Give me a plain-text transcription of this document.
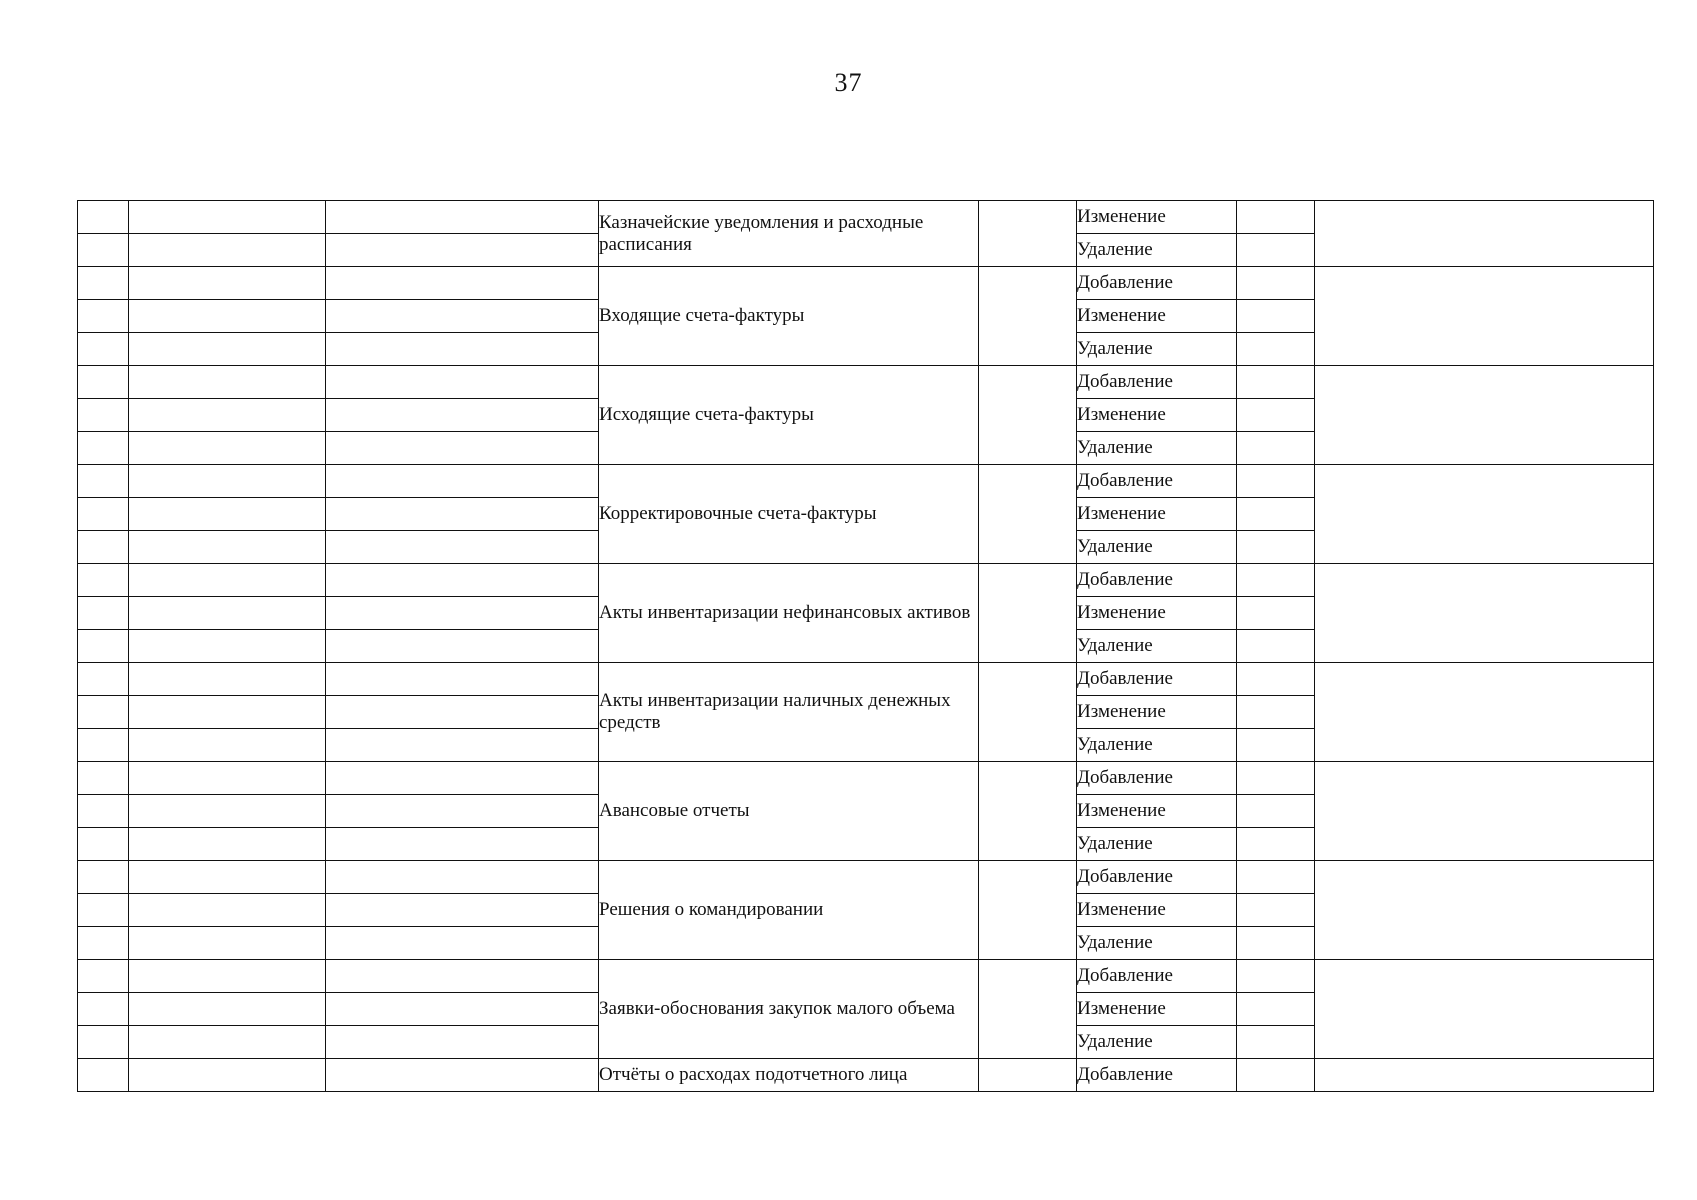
37
			Казначейские уведомления и расходные расписания		Изменение		
					Удаление		
			Входящие счета-фактуры		Добавление		
					Изменение		
					Удаление		
			Исходящие счета-фактуры		Добавление		
					Изменение		
					Удаление		
			Корректировочные счета-фактуры		Добавление		
					Изменение		
					Удаление		
			Акты инвентаризации нефинансовых активов		Добавление		
					Изменение		
					Удаление		
			Акты инвентаризации наличных денежных средств		Добавление		
					Изменение		
					Удаление		
			Авансовые отчеты		Добавление		
					Изменение		
					Удаление		
			Решения о командировании		Добавление		
					Изменение		
					Удаление		
			Заявки-обоснования закупок малого объема		Добавление		
					Изменение		
					Удаление		
			Отчёты о расходах подотчетного лица		Добавление		
